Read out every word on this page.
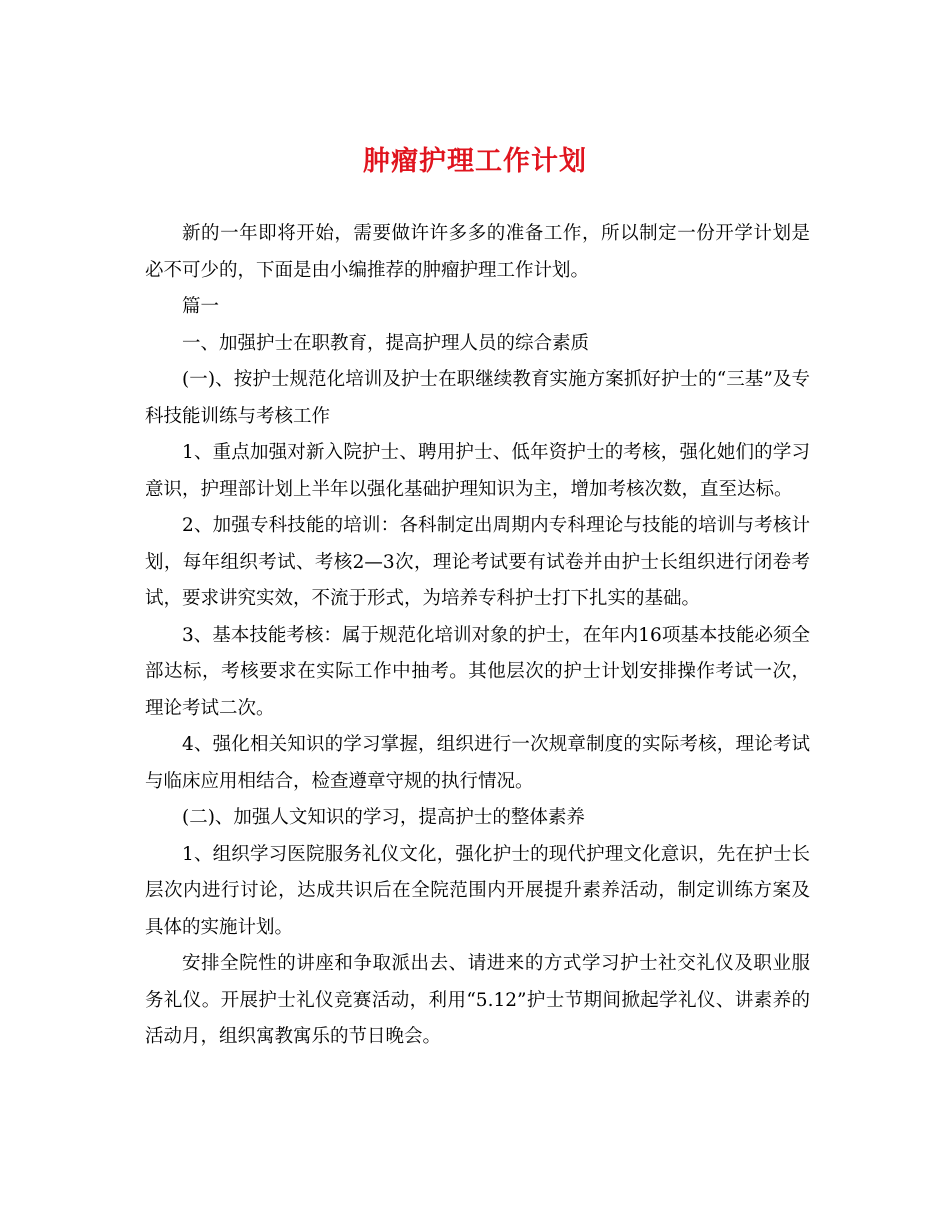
肿瘤护理工作计划

新的一年即将开始，需要做许许多多的准备工作，所以制定一份开学计划是必不可少的，下面是由小编推荐的肿瘤护理工作计划。

篇一

一、加强护士在职教育，提高护理人员的综合素质

(一)、按护士规范化培训及护士在职继续教育实施方案抓好护士的“三基”及专科技能训练与考核工作

1、重点加强对新入院护士、聘用护士、低年资护士的考核，强化她们的学习意识，护理部计划上半年以强化基础护理知识为主，增加考核次数，直至达标。

2、加强专科技能的培训：各科制定出周期内专科理论与技能的培训与考核计划，每年组织考试、考核2—3次，理论考试要有试卷并由护士长组织进行闭卷考试，要求讲究实效，不流于形式，为培养专科护士打下扎实的基础。

3、基本技能考核：属于规范化培训对象的护士，在年内16项基本技能必须全部达标，考核要求在实际工作中抽考。其他层次的护士计划安排操作考试一次，理论考试二次。

4、强化相关知识的学习掌握，组织进行一次规章制度的实际考核，理论考试与临床应用相结合，检查遵章守规的执行情况。

(二)、加强人文知识的学习，提高护士的整体素养

1、组织学习医院服务礼仪文化，强化护士的现代护理文化意识，先在护士长层次内进行讨论，达成共识后在全院范围内开展提升素养活动，制定训练方案及具体的实施计划。

安排全院性的讲座和争取派出去、请进来的方式学习护士社交礼仪及职业服务礼仪。开展护士礼仪竞赛活动，利用“5.12”护士节期间掀起学礼仪、讲素养的活动月，组织寓教寓乐的节日晚会。
